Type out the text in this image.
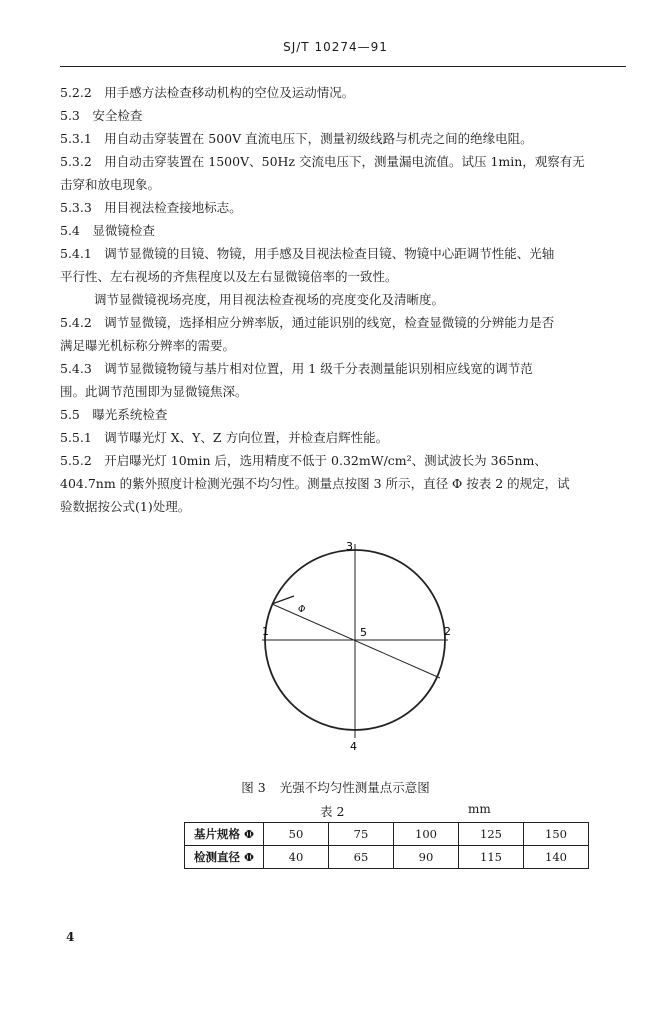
SJ/T 10274—91
5.2.2　用手感方法检查移动机构的空位及运动情况。
5.3　安全检查
5.3.1　用自动击穿装置在 500V 直流电压下，测量初级线路与机壳之间的绝缘电阻。
5.3.2　用自动击穿装置在 1500V、50Hz 交流电压下，测量漏电流值。试压 1min，观察有无
击穿和放电现象。
5.3.3　用目视法检查接地标志。
5.4　显微镜检查
5.4.1　调节显微镜的目镜、物镜，用手感及目视法检查目镜、物镜中心距调节性能、光轴
平行性、左右视场的齐焦程度以及左右显微镜倍率的一致性。
调节显微镜视场亮度，用目视法检查视场的亮度变化及清晰度。
5.4.2　调节显微镜，选择相应分辨率版，通过能识别的线宽，检查显微镜的分辨能力是否
满足曝光机标称分辨率的需要。
5.4.3　调节显微镜物镜与基片相对位置，用 1 级千分表测量能识别相应线宽的调节范
围。此调节范围即为显微镜焦深。
5.5　曝光系统检查
5.5.1　调节曝光灯 X、Y、Z 方向位置，并检查启辉性能。
5.5.2　开启曝光灯 10min 后，选用精度不低于 0.32mW/cm²、测试波长为 365nm、
404.7nm 的紫外照度计检测光强不均匀性。测量点按图 3 所示，直径 Φ 按表 2 的规定，试
验数据按公式(1)处理。
1	2
3
4
5
Φ
图 3 光强不均匀性测量点示意图
表 2	mm
基片规格 Φ	50	75	100	125	150
检测直径 Φ	40	65	90	115	140
4
